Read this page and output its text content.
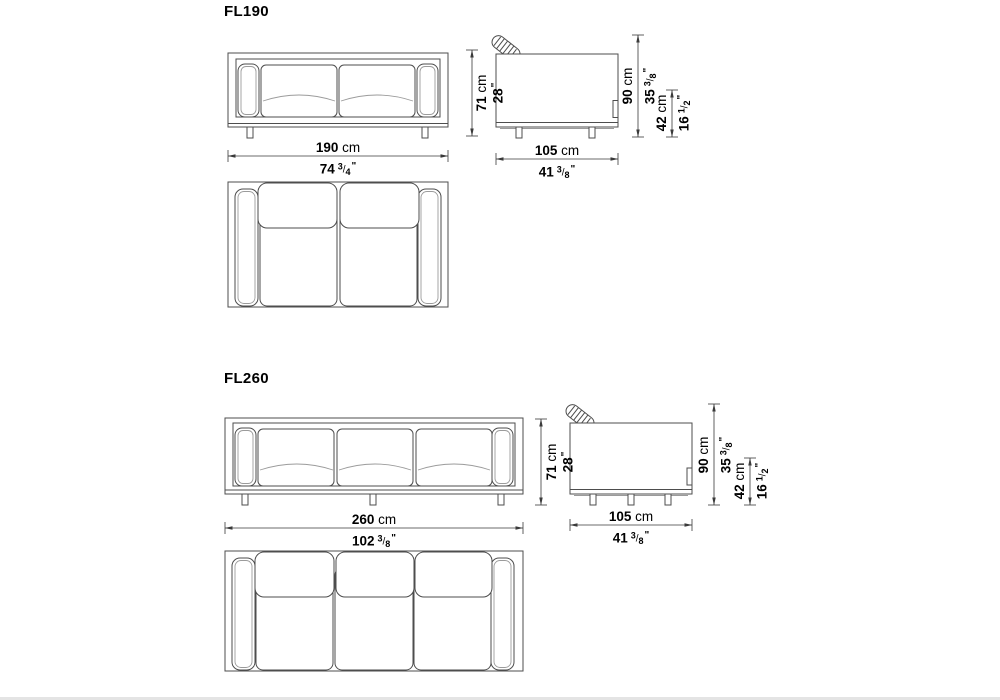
FL190
190 cm
74 $^3$/4"
105 cm
41 $^3$/8"
71 cm
28"
90 cm
$35^3/8^"$
42 cm
$16^1/2^"$
FL260
260 cm
102 $^3$/8"
105 cm
41 $^3$/8"
71 cm
28"
90 cm
$35^3/8^"$
42 cm
$16^1/2^"$
